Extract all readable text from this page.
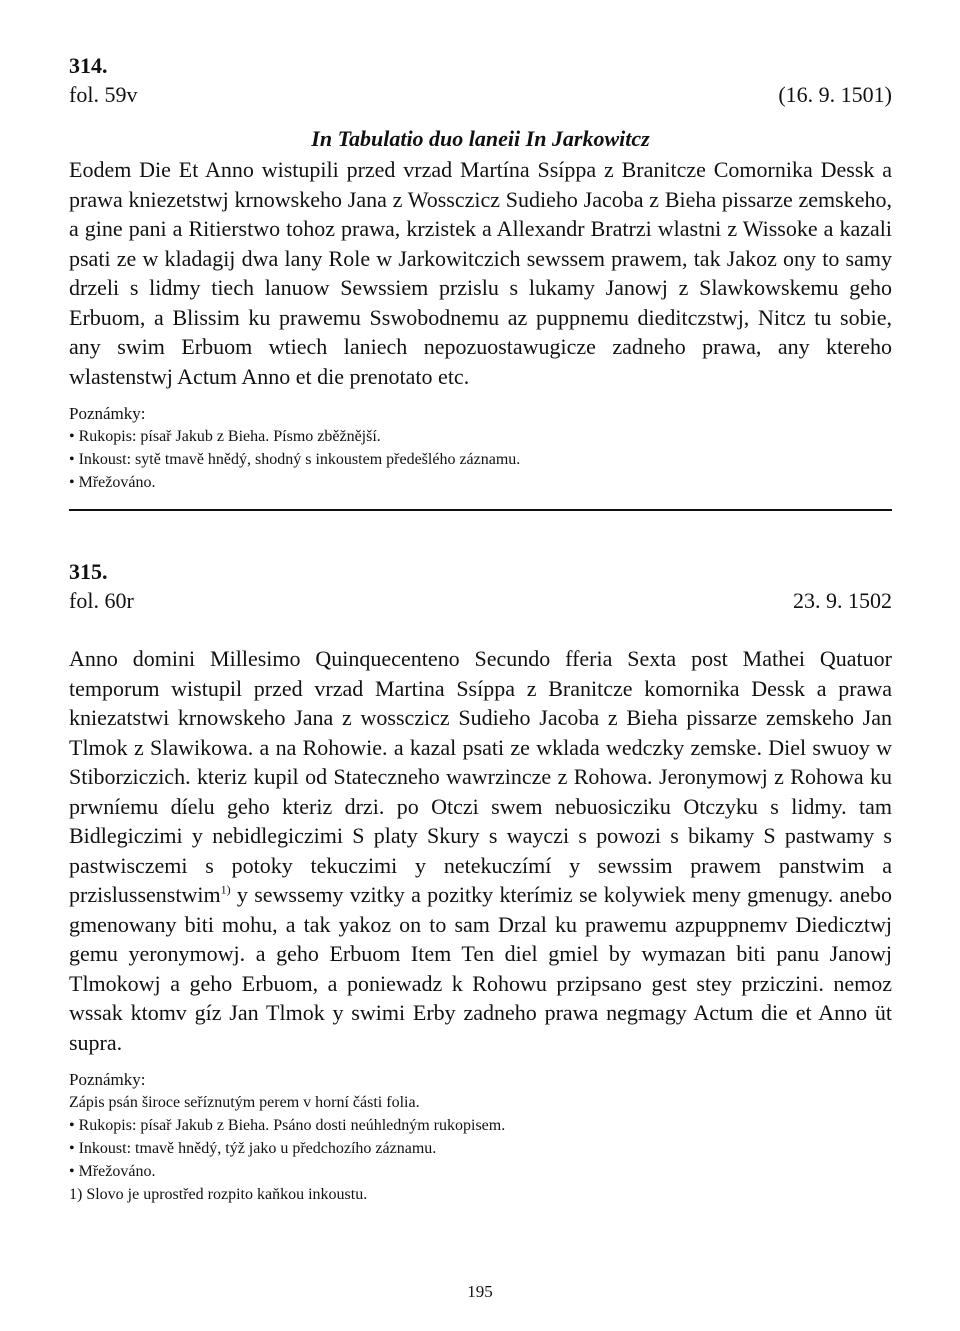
314.
fol. 59v	(16. 9. 1501)
In Tabulatio duo laneii In Jarkowitcz

Eodem Die Et Anno wistupili przed vrzad Martína Ssíppa z Branitcze Comornika Dessk a prawa kniezetstwj krnowskeho Jana z Wossczicz Sudieho Jacoba z Bieha pissarze zemskeho, a gine pani a Ritierstwo tohoz prawa, krzistek a Allexandr Bratrzi wlastni z Wissoke a kazali psati ze w kladagij dwa lany Role w Jarkowitczich sewssem prawem, tak Jakoz ony to samy drzeli s lidmy tiech lanuow Sewssiem przislu s lukamy Janowj z Slawkowskemu geho Erbuom, a Blissim ku prawemu Sswobodnemu az puppnemu dieditczstwj, Nitcz tu sobie, any swim Erbuom wtiech laniech nepozuostawugicze zadneho prawa, any ktereho wlastenstwj Actum Anno et die prenotato etc.

Poznámky:

• Rukopis: písař Jakub z Bieha. Písmo zběžnější.

• Inkoust: sytě tmavě hnědý, shodný s inkoustem předešlého záznamu.

• Mřežováno.

315.
fol. 60r	23. 9. 1502

Anno domini Millesimo Quinquecenteno Secundo fferia Sexta post Mathei Quatuor temporum wistupil przed vrzad Martina Ssíppa z Branitcze komornika Dessk a prawa kniezatstwi krnowskeho Jana z wossczicz Sudieho Jacoba z Bieha pissarze zemskeho Jan Tlmok z Slawikowa. a na Rohowie. a kazal psati ze wklada wedczky zemske. Diel swuoy w Stiborziczich. kteriz kupil od Stateczneho wawrzincze z Rohowa. Jeronymowj z Rohowa ku prwníemu díelu geho kteriz drzi. po Otczi swem nebuosicziku Otczyku s lidmy. tam Bidlegiczimi y nebidlegiczimi S platy Skury s wayczi s powozi s bikamy S pastwamy s pastwisczemi s potoky tekuczimi y netekuczímí y sewssim prawem panstwim a przislussenstwim$^{1)}$ y sewssemy vzitky a pozitky kterímiz se kolywiek meny gmenugy. anebo gmenowany biti mohu, a tak yakoz on to sam Drzal ku prawemu azpuppnemv Diedicztwj gemu yeronymowj. a geho Erbuom Item Ten diel gmiel by wymazan biti panu Janowj Tlmokowj a geho Erbuom, a poniewadz k Rohowu przipsano gest stey prziczini. nemoz wssak ktomv gíz Jan Tlmok y swimi Erby zadneho prawa negmagy Actum die et Anno üt supra.

Poznámky:

Zápis psán široce seříznutým perem v horní části folia.

• Rukopis: písař Jakub z Bieha. Psáno dosti neúhledným rukopisem.

• Inkoust: tmavě hnědý, týž jako u předchozího záznamu.

• Mřežováno.

1) Slovo je uprostřed rozpito kaňkou inkoustu.

195
